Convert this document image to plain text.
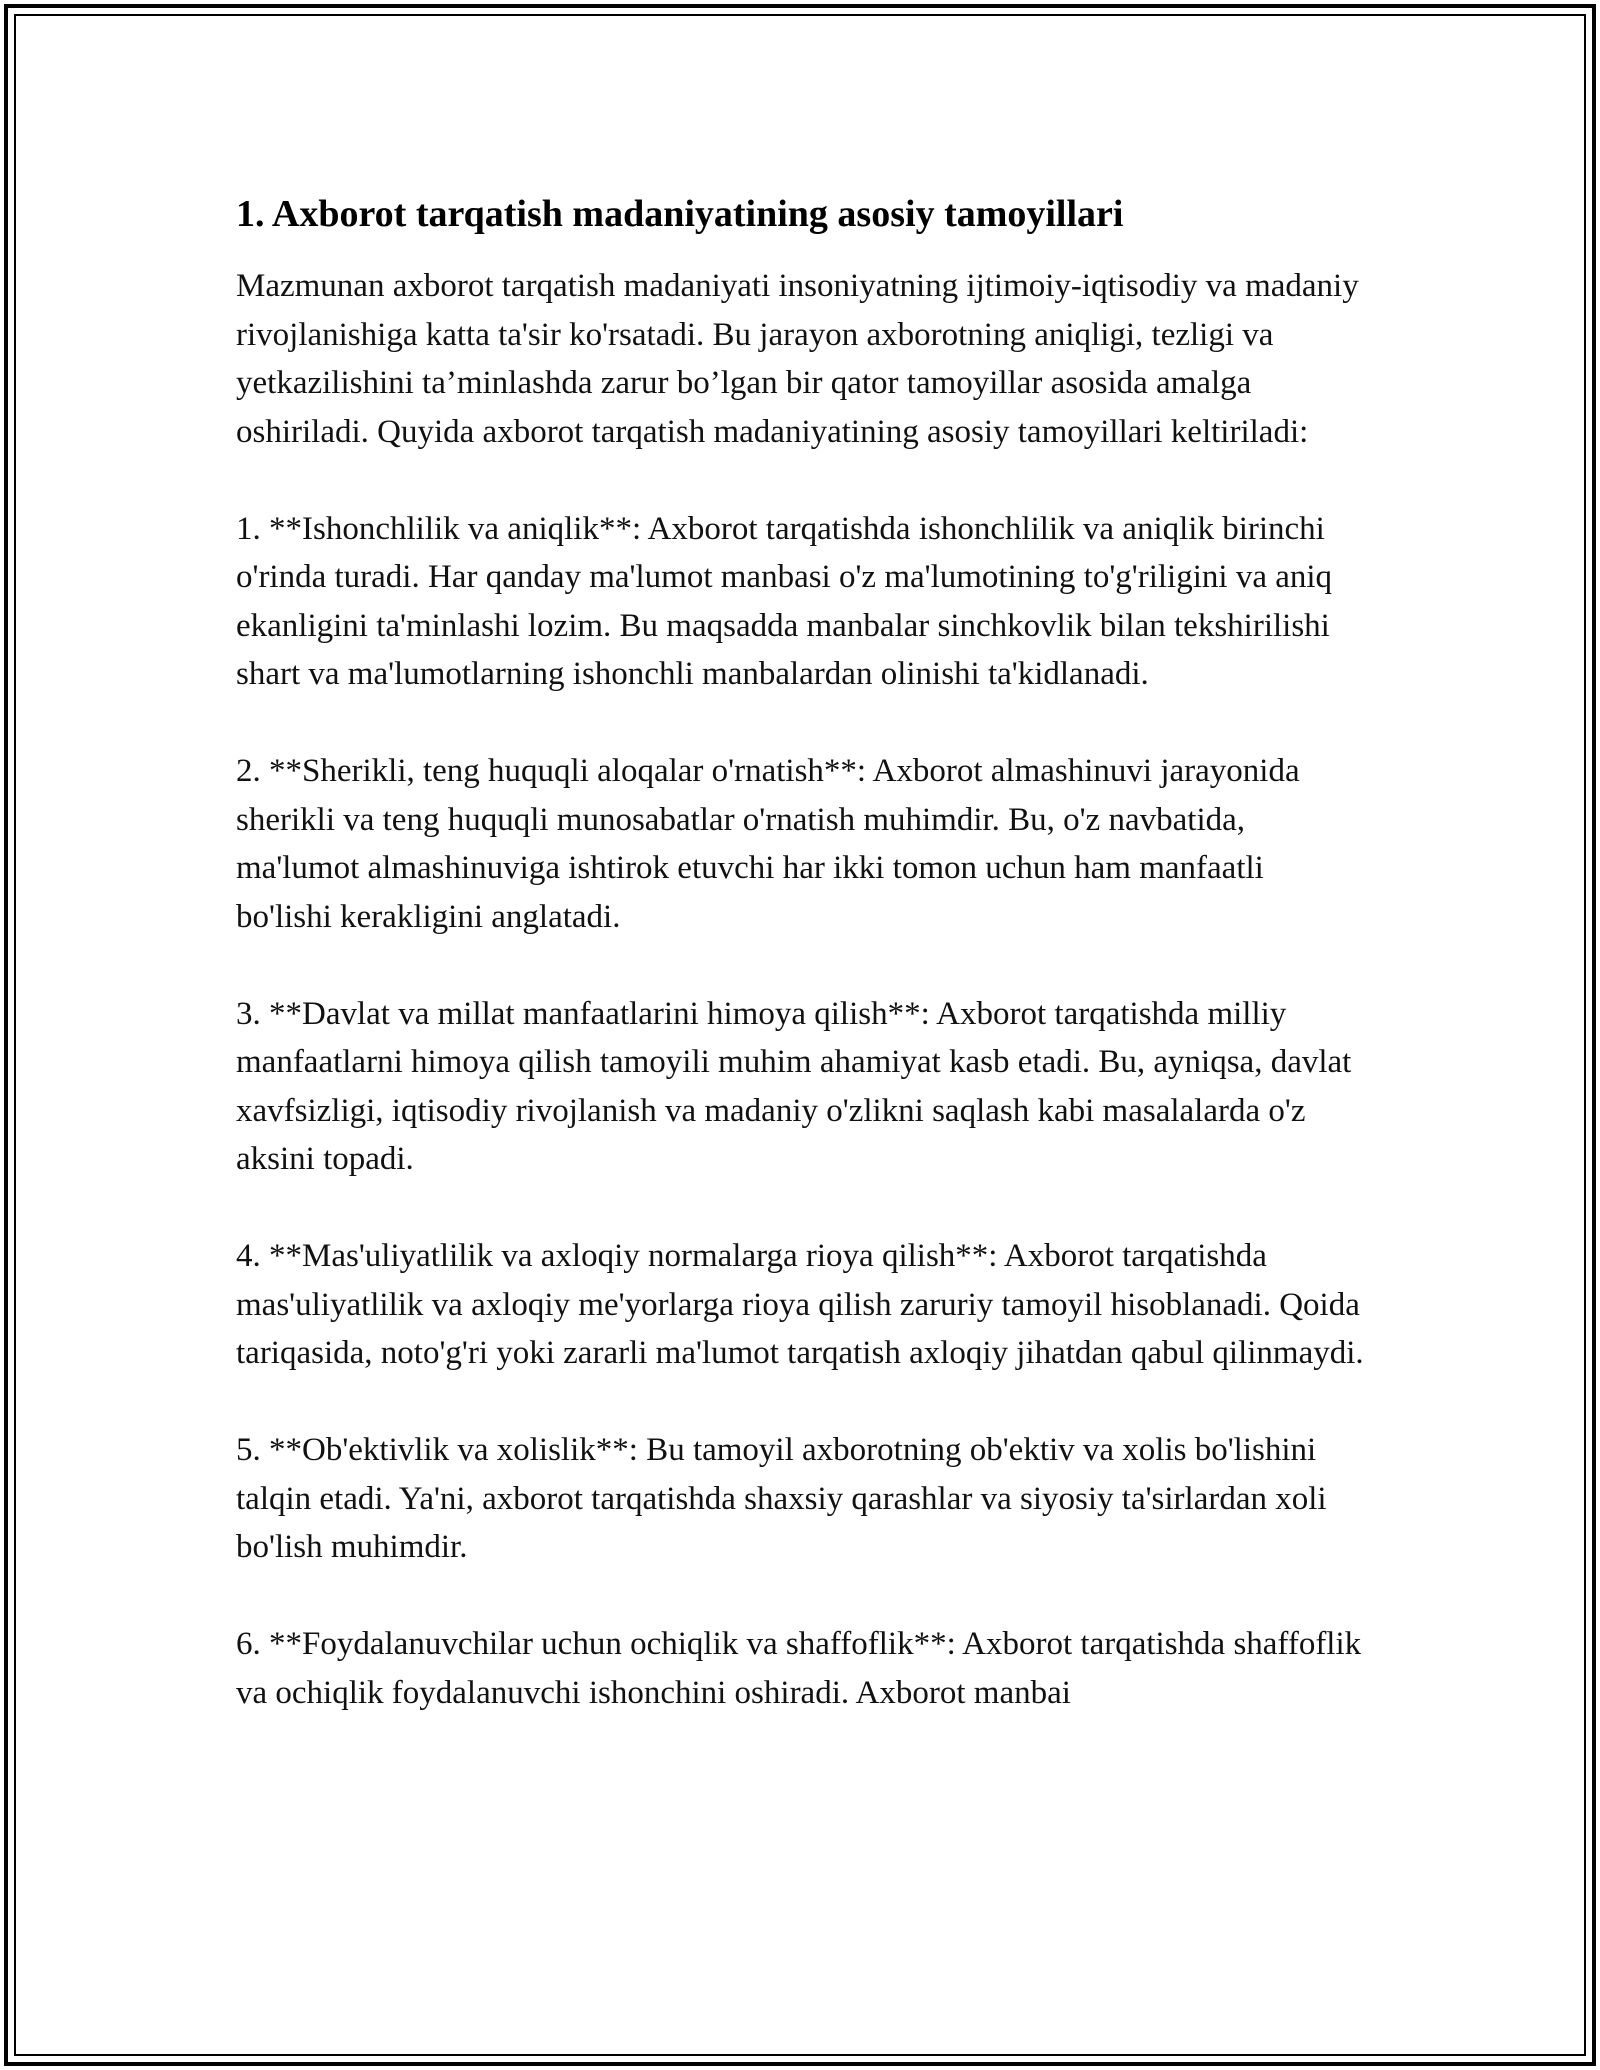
1. Axborot tarqatish madaniyatining asosiy tamoyillari

Mazmunan axborot tarqatish madaniyati insoniyatning ijtimoiy-iqtisodiy va madaniy rivojlanishiga katta ta'sir ko'rsatadi. Bu jarayon axborotning aniqligi, tezligi va yetkazilishini ta’minlashda zarur bo’lgan bir qator tamoyillar asosida amalga oshiriladi. Quyida axborot tarqatish madaniyatining asosiy tamoyillari keltiriladi:

1. **Ishonchlilik va aniqlik**: Axborot tarqatishda ishonchlilik va aniqlik birinchi o'rinda turadi. Har qanday ma'lumot manbasi o'z ma'lumotining to'g'riligini va aniq ekanligini ta'minlashi lozim. Bu maqsadda manbalar sinchkovlik bilan tekshirilishi shart va ma'lumotlarning ishonchli manbalardan olinishi ta'kidlanadi.

2. **Sherikli, teng huquqli aloqalar o'rnatish**: Axborot almashinuvi jarayonida sherikli va teng huquqli munosabatlar o'rnatish muhimdir. Bu, o'z navbatida, ma'lumot almashinuviga ishtirok etuvchi har ikki tomon uchun ham manfaatli bo'lishi kerakligini anglatadi.

3. **Davlat va millat manfaatlarini himoya qilish**: Axborot tarqatishda milliy manfaatlarni himoya qilish tamoyili muhim ahamiyat kasb etadi. Bu, ayniqsa, davlat xavfsizligi, iqtisodiy rivojlanish va madaniy o'zlikni saqlash kabi masalalarda o'z aksini topadi.

4. **Mas'uliyatlilik va axloqiy normalarga rioya qilish**: Axborot tarqatishda mas'uliyatlilik va axloqiy me'yorlarga rioya qilish zaruriy tamoyil hisoblanadi. Qoida tariqasida, noto'g'ri yoki zararli ma'lumot tarqatish axloqiy jihatdan qabul qilinmaydi.

5. **Ob'ektivlik va xolislik**: Bu tamoyil axborotning ob'ektiv va xolis bo'lishini talqin etadi. Ya'ni, axborot tarqatishda shaxsiy qarashlar va siyosiy ta'sirlardan xoli bo'lish muhimdir.

6. **Foydalanuvchilar uchun ochiqlik va shaffoflik**: Axborot tarqatishda shaffoflik va ochiqlik foydalanuvchi ishonchini oshiradi. Axborot manbai
